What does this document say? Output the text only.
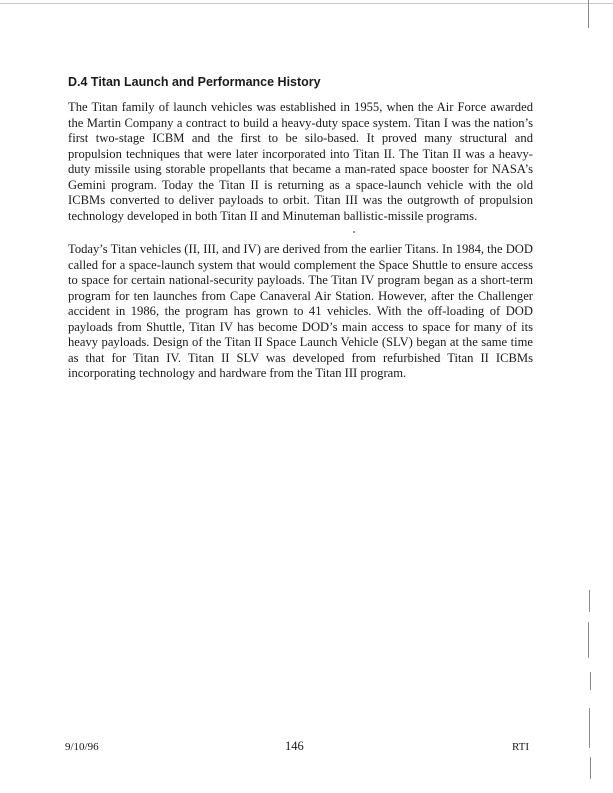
D.4 Titan Launch and Performance History

The Titan family of launch vehicles was established in 1955, when the Air Force awarded the Martin Company a contract to build a heavy-duty space system. Titan I was the nation’s first two-stage ICBM and the first to be silo-based. It proved many structural and propulsion techniques that were later incorporated into Titan II. The Titan II was a heavy-duty missile using storable propellants that became a man-rated space booster for NASA’s Gemini program. Today the Titan II is returning as a space-launch vehicle with the old ICBMs converted to deliver payloads to orbit. Titan III was the outgrowth of propulsion technology developed in both Titan II and Minuteman ballistic-missile programs.

Today’s Titan vehicles (II, III, and IV) are derived from the earlier Titans. In 1984, the DOD called for a space-launch system that would complement the Space Shuttle to ensure access to space for certain national-security payloads. The Titan IV program began as a short-term program for ten launches from Cape Canaveral Air Station. However, after the Challenger accident in 1986, the program has grown to 41 vehicles. With the off-loading of DOD payloads from Shuttle, Titan IV has become DOD’s main access to space for many of its heavy payloads. Design of the Titan II Space Launch Vehicle (SLV) began at the same time as that for Titan IV. Titan II SLV was developed from refurbished Titan II ICBMs incorporating technology and hardware from the Titan III program.

9/10/96	146	RTI
